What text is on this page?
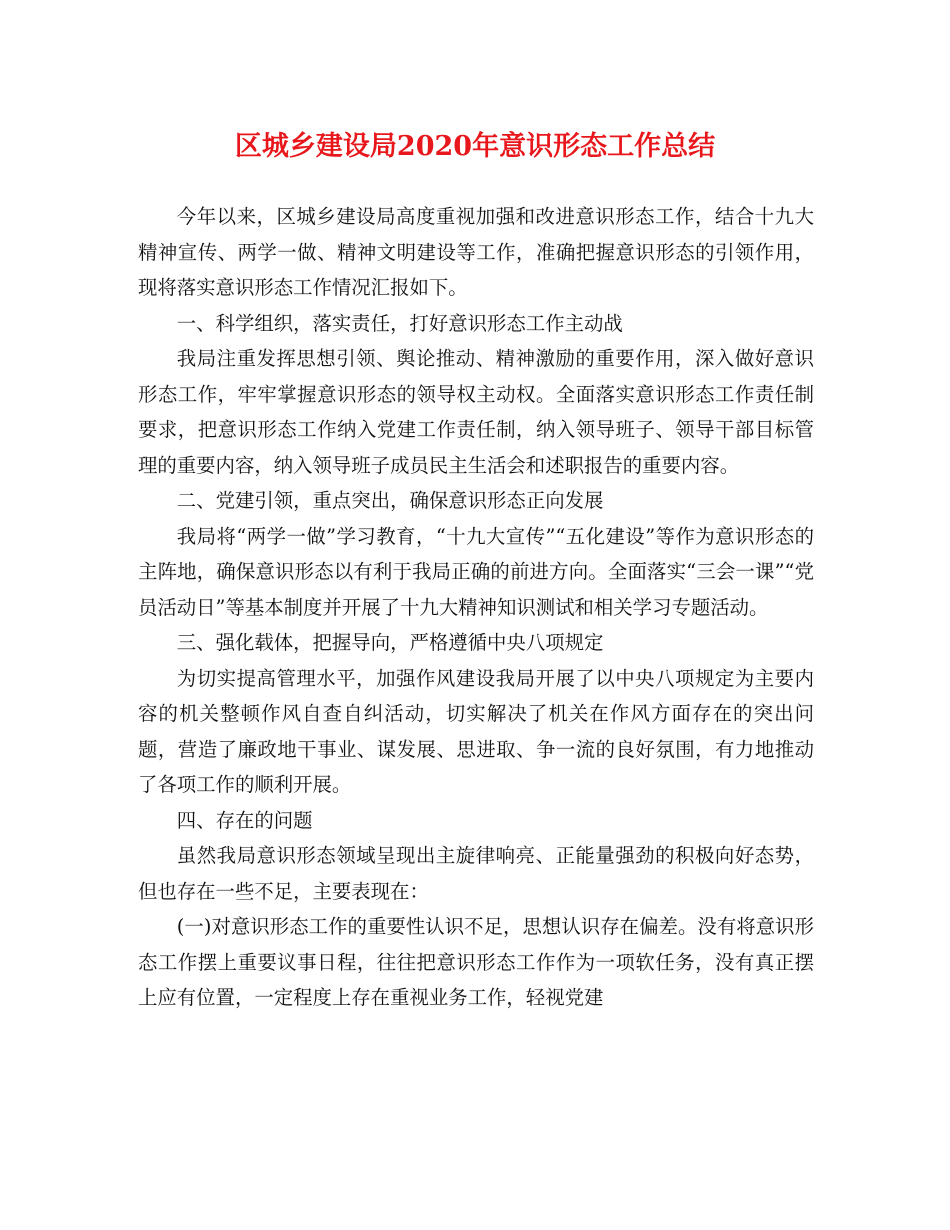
区城乡建设局2020年意识形态工作总结

今年以来，区城乡建设局高度重视加强和改进意识形态工作，结合十九大精神宣传、两学一做、精神文明建设等工作，准确把握意识形态的引领作用，现将落实意识形态工作情况汇报如下。

一、科学组织，落实责任，打好意识形态工作主动战

我局注重发挥思想引领、舆论推动、精神激励的重要作用，深入做好意识形态工作，牢牢掌握意识形态的领导权主动权。全面落实意识形态工作责任制要求，把意识形态工作纳入党建工作责任制，纳入领导班子、领导干部目标管理的重要内容，纳入领导班子成员民主生活会和述职报告的重要内容。

二、党建引领，重点突出，确保意识形态正向发展

我局将“两学一做”学习教育，“十九大宣传”“五化建设”等作为意识形态的主阵地，确保意识形态以有利于我局正确的前进方向。全面落实“三会一课”“党员活动日”等基本制度并开展了十九大精神知识测试和相关学习专题活动。

三、强化载体，把握导向，严格遵循中央八项规定

为切实提高管理水平，加强作风建设我局开展了以中央八项规定为主要内容的机关整顿作风自查自纠活动，切实解决了机关在作风方面存在的突出问题，营造了廉政地干事业、谋发展、思进取、争一流的良好氛围，有力地推动了各项工作的顺利开展。

四、存在的问题

虽然我局意识形态领域呈现出主旋律响亮、正能量强劲的积极向好态势，但也存在一些不足，主要表现在：

(一)对意识形态工作的重要性认识不足，思想认识存在偏差。没有将意识形态工作摆上重要议事日程，往往把意识形态工作作为一项软任务，没有真正摆上应有位置，一定程度上存在重视业务工作，轻视党建
